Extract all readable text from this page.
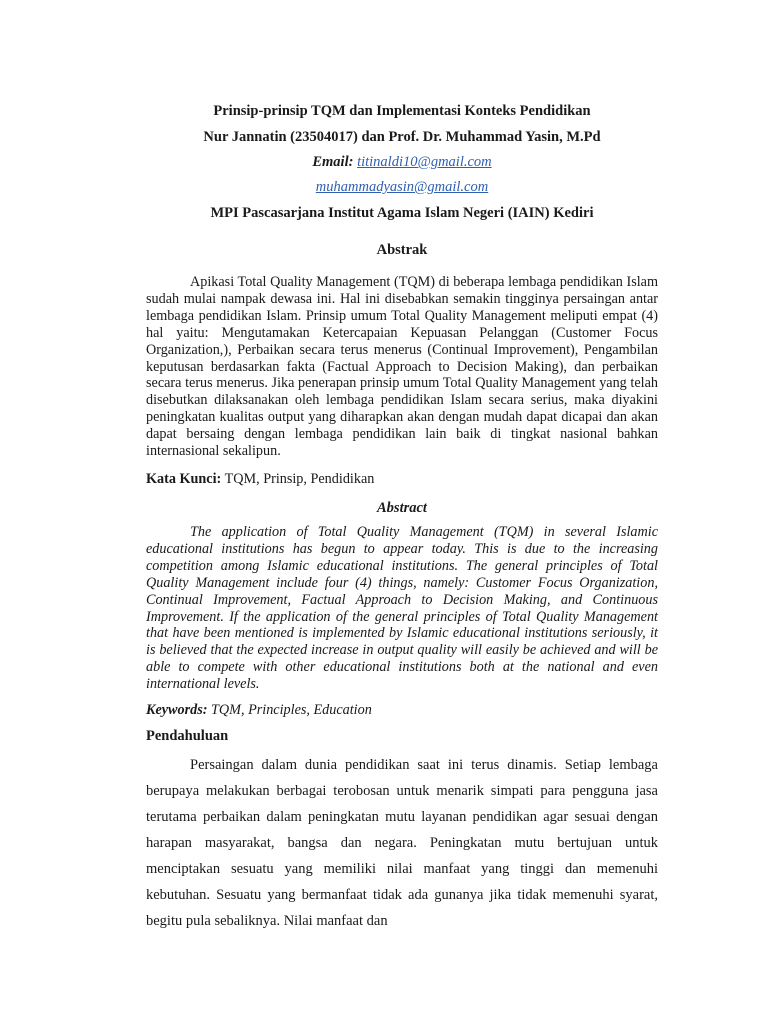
Prinsip-prinsip TQM dan Implementasi Konteks Pendidikan

Nur Jannatin (23504017) dan Prof. Dr. Muhammad Yasin, M.Pd

Email: titinaldi10@gmail.com

muhammadyasin@gmail.com

MPI Pascasarjana Institut Agama Islam Negeri (IAIN) Kediri

Abstrak

Apikasi Total Quality Management (TQM) di beberapa lembaga pendidikan Islam sudah mulai nampak dewasa ini. Hal ini disebabkan semakin tingginya persaingan antar lembaga pendidikan Islam. Prinsip umum Total Quality Management meliputi empat (4) hal yaitu: Mengutamakan Ketercapaian Kepuasan Pelanggan (Customer Focus Organization,), Perbaikan secara terus menerus (Continual Improvement), Pengambilan keputusan berdasarkan fakta (Factual Approach to Decision Making), dan perbaikan secara terus menerus. Jika penerapan prinsip umum Total Quality Management yang telah disebutkan dilaksanakan oleh lembaga pendidikan Islam secara serius, maka diyakini peningkatan kualitas output yang diharapkan akan dengan mudah dapat dicapai dan akan dapat bersaing dengan lembaga pendidikan lain baik di tingkat nasional bahkan internasional sekalipun.

Kata Kunci: TQM, Prinsip, Pendidikan

Abstract

The application of Total Quality Management (TQM) in several Islamic educational institutions has begun to appear today. This is due to the increasing competition among Islamic educational institutions. The general principles of Total Quality Management include four (4) things, namely: Customer Focus Organization, Continual Improvement, Factual Approach to Decision Making, and Continuous Improvement. If the application of the general principles of Total Quality Management that have been mentioned is implemented by Islamic educational institutions seriously, it is believed that the expected increase in output quality will easily be achieved and will be able to compete with other educational institutions both at the national and even international levels.

Keywords: TQM, Principles, Education

Pendahuluan

Persaingan dalam dunia pendidikan saat ini terus dinamis. Setiap lembaga berupaya melakukan berbagai terobosan untuk menarik simpati para pengguna jasa terutama perbaikan dalam peningkatan mutu layanan pendidikan agar sesuai dengan harapan masyarakat, bangsa dan negara. Peningkatan mutu bertujuan untuk menciptakan sesuatu yang memiliki nilai manfaat yang tinggi dan memenuhi kebutuhan. Sesuatu yang bermanfaat tidak ada gunanya jika tidak memenuhi syarat, begitu pula sebaliknya. Nilai manfaat dan
